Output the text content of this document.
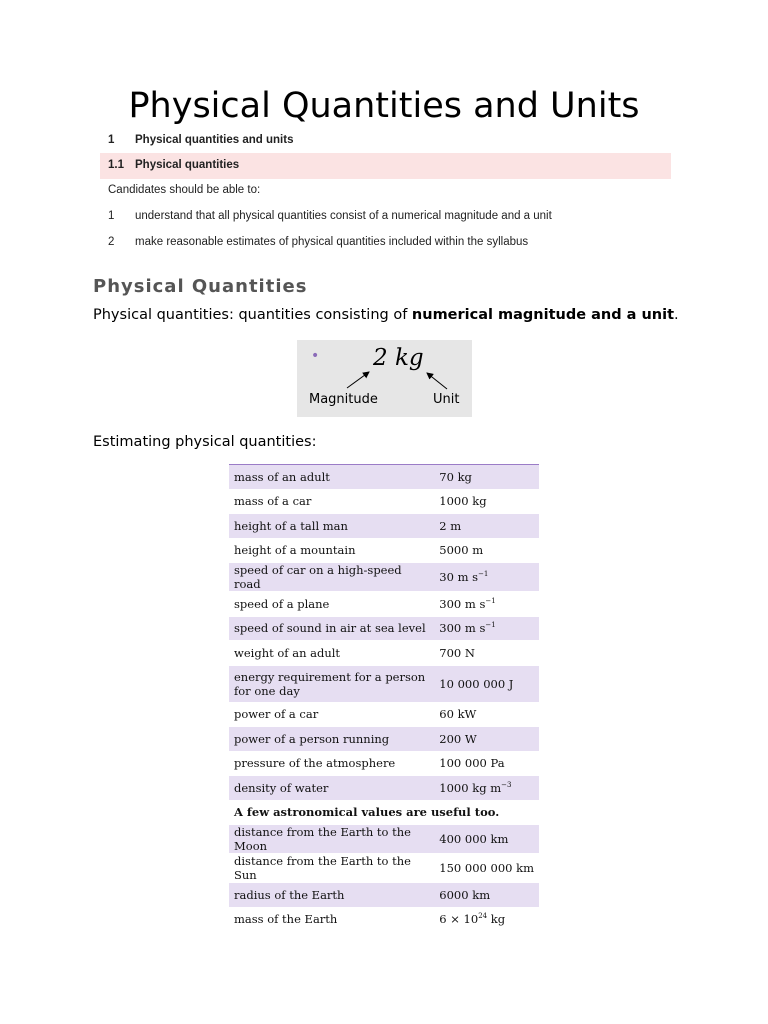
Physical Quantities and Units
1 Physical quantities and units
1.1 Physical quantities
Candidates should be able to:
1 understand that all physical quantities consist of a numerical magnitude and a unit
2 make reasonable estimates of physical quantities included within the syllabus
Physical Quantities
Physical quantities: quantities consisting of numerical magnitude and a unit.
• 2 kg
Magnitude	Unit
Estimating physical quantities:
mass of an adult	70 kg
mass of a car	1000 kg
height of a tall man	2 m
height of a mountain	5000 m
speed of car on a high-speed road	30 m $s^{-1}$
speed of a plane	300 m $s^{-1}$
speed of sound in air at sea level	300 m $s^{-1}$
weight of an adult	700 N
energy requirement for a person for one day	10 000 000 J
power of a car	60 kW
power of a person running	200 W
pressure of the atmosphere	100 000 Pa
density of water	1000 kg $m^{-3}$
A few astronomical values are useful too.	
distance from the Earth to the Moon	400 000 km
distance from the Earth to the Sun	150 000 000 km
radius of the Earth	6000 km
mass of the Earth	$6 \times 10^{24}$ kg
